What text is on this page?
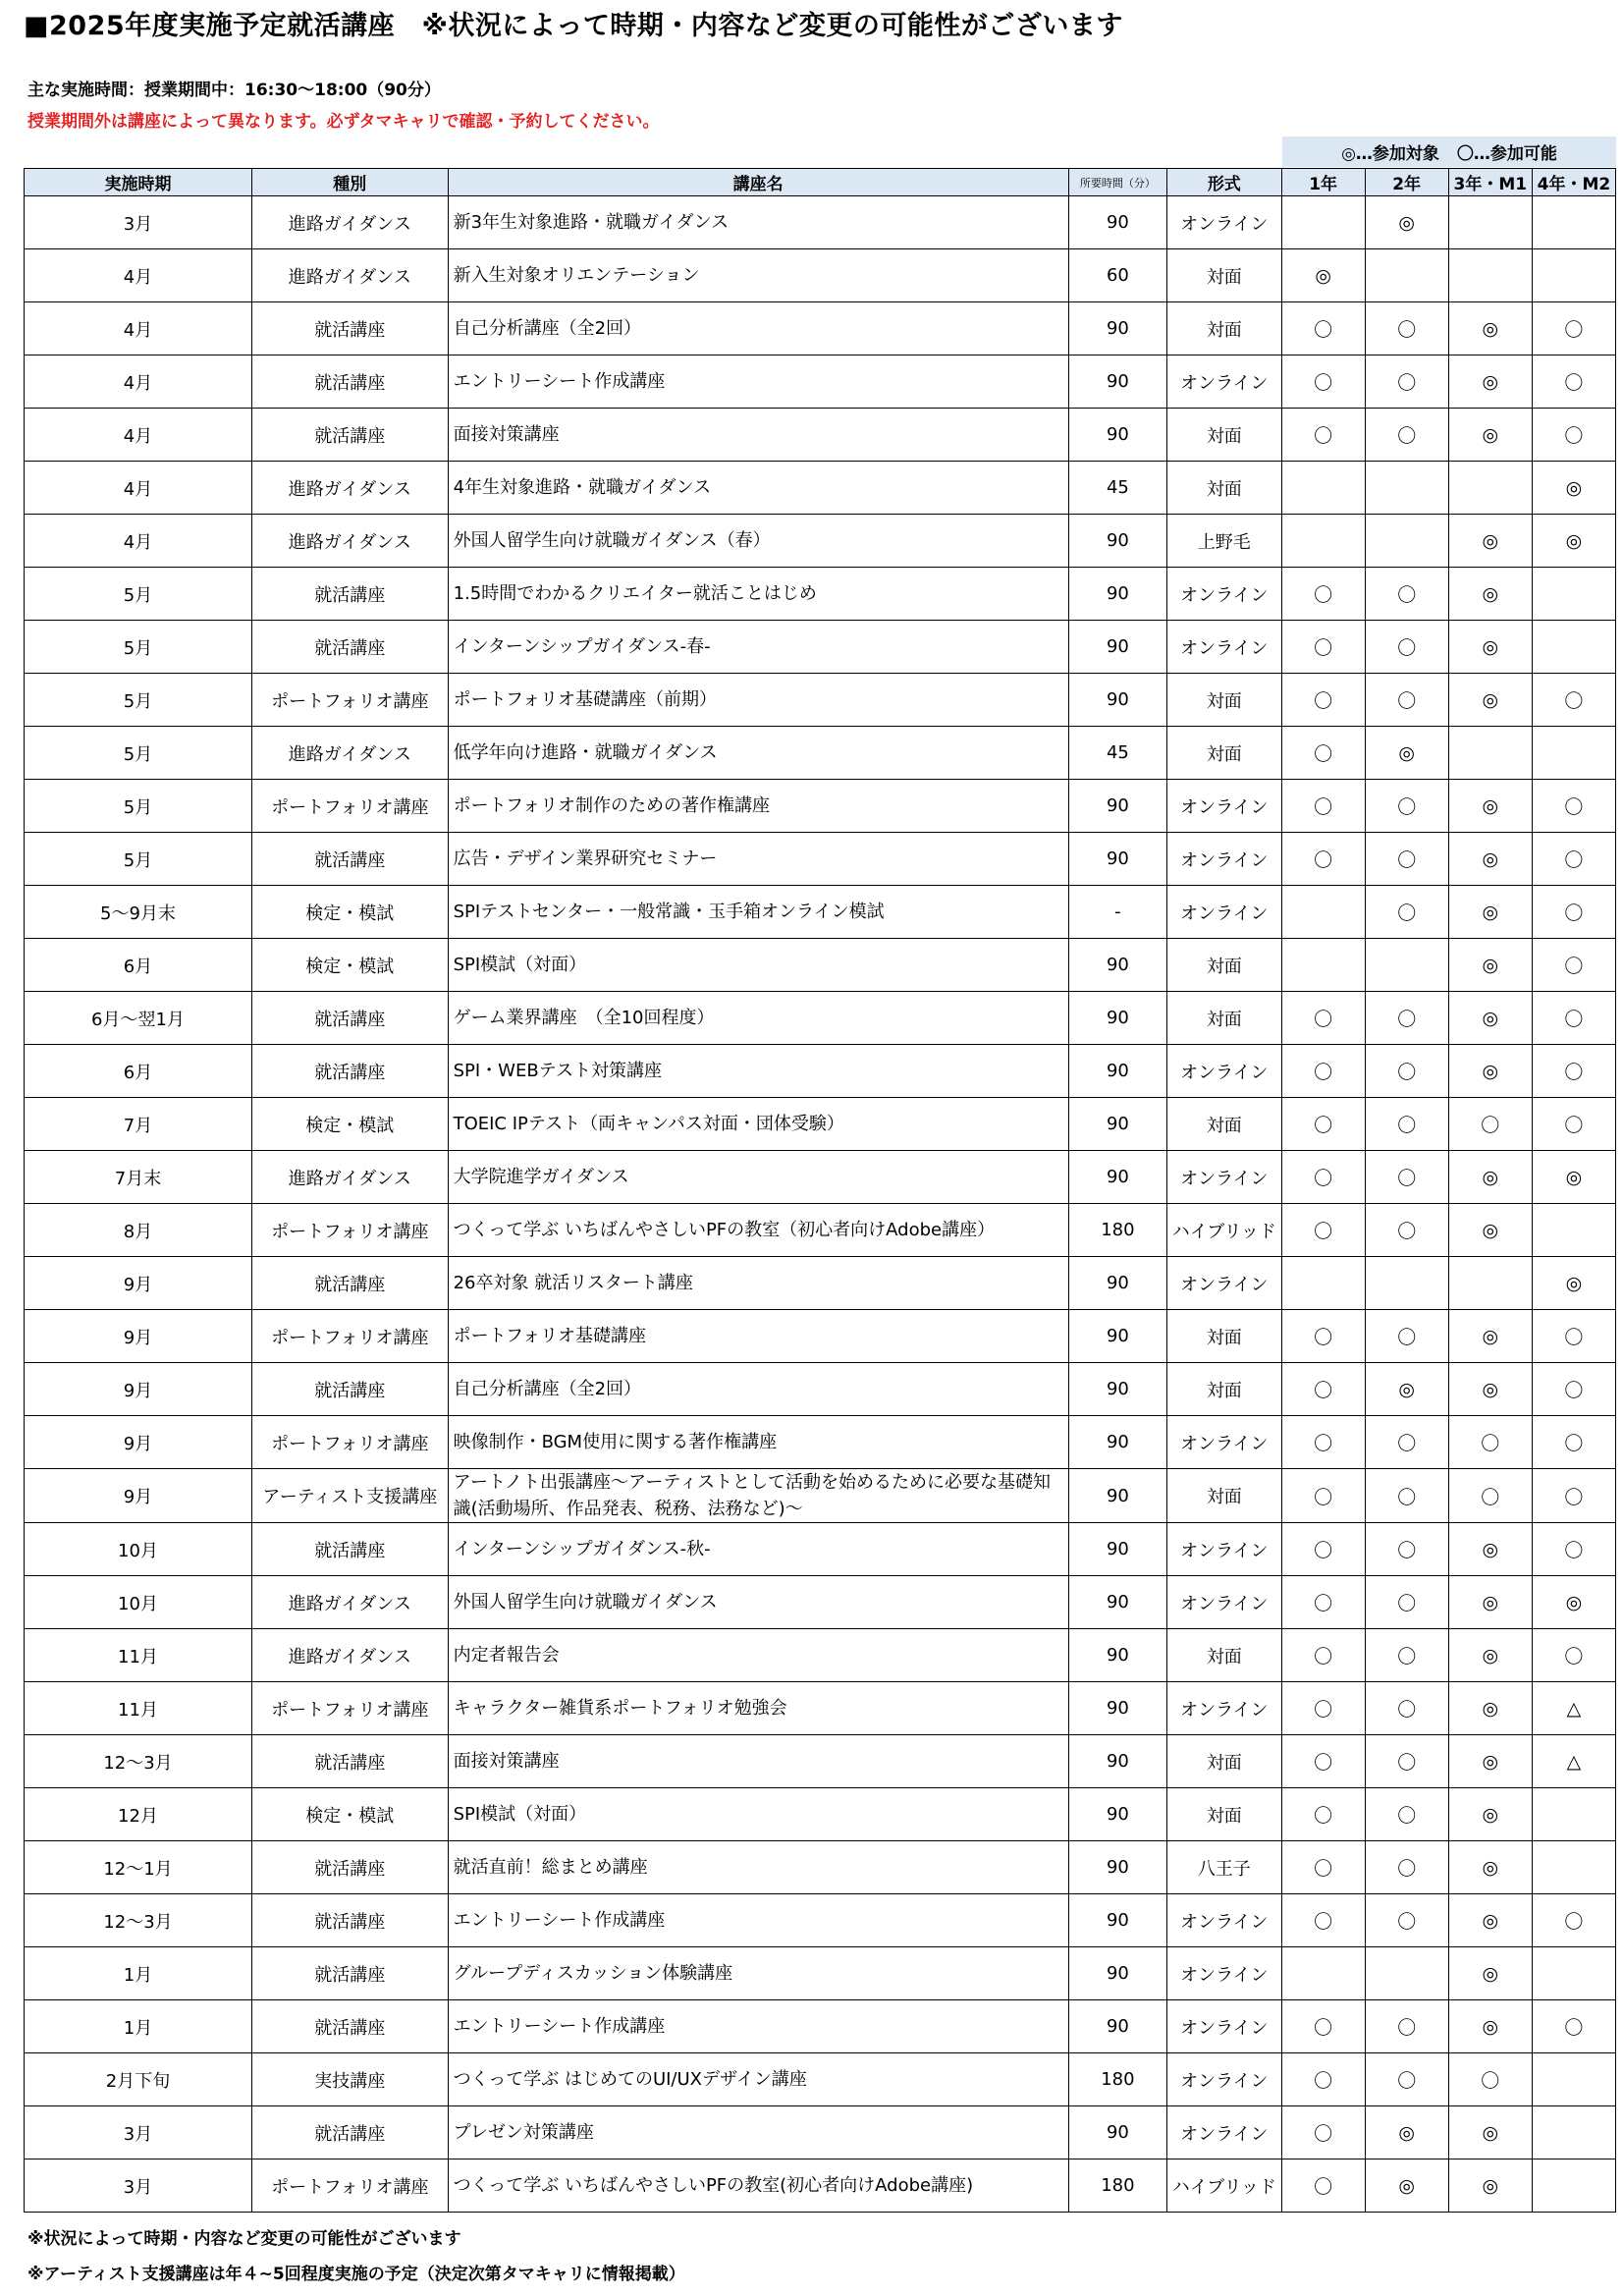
■2025年度実施予定就活講座　※状況によって時期・内容など変更の可能性がございます
主な実施時間：授業期間中：16:30～18:00（90分）
授業期間外は講座によって異なります。必ずタマキャリで確認・予約してください。
◎…参加対象 〇…参加可能
実施時期	種別	講座名	所要時間（分）	形式	1年	2年	3年・M1	4年・M2
3月	進路ガイダンス	新3年生対象進路・就職ガイダンス	90	オンライン		◎		
4月	進路ガイダンス	新入生対象オリエンテーション	60	対面	◎			
4月	就活講座	自己分析講座（全2回）	90	対面	〇	〇	◎	〇
4月	就活講座	エントリーシート作成講座	90	オンライン	〇	〇	◎	〇
4月	就活講座	面接対策講座	90	対面	〇	〇	◎	〇
4月	進路ガイダンス	4年生対象進路・就職ガイダンス	45	対面				◎
4月	進路ガイダンス	外国人留学生向け就職ガイダンス（春）	90	上野毛			◎	◎
5月	就活講座	1.5時間でわかるクリエイター就活ことはじめ	90	オンライン	〇	〇	◎	
5月	就活講座	インターンシップガイダンス-春-	90	オンライン	〇	〇	◎	
5月	ポートフォリオ講座	ポートフォリオ基礎講座（前期）	90	対面	〇	〇	◎	〇
5月	進路ガイダンス	低学年向け進路・就職ガイダンス	45	対面	〇	◎		
5月	ポートフォリオ講座	ポートフォリオ制作のための著作権講座	90	オンライン	〇	〇	◎	〇
5月	就活講座	広告・デザイン業界研究セミナー	90	オンライン	〇	〇	◎	〇
5～9月末	検定・模試	SPIテストセンター・一般常識・玉手箱オンライン模試	-	オンライン		〇	◎	〇
6月	検定・模試	SPI模試（対面）	90	対面			◎	〇
6月～翌1月	就活講座	ゲーム業界講座　（全10回程度）	90	対面	〇	〇	◎	〇
6月	就活講座	SPI・WEBテスト対策講座	90	オンライン	〇	〇	◎	〇
7月	検定・模試	TOEIC IPテスト（両キャンパス対面・団体受験）	90	対面	〇	〇	〇	〇
7月末	進路ガイダンス	大学院進学ガイダンス	90	オンライン	〇	〇	◎	◎
8月	ポートフォリオ講座	つくって学ぶ いちばんやさしいPFの教室（初心者向けAdobe講座）	180	ハイブリッド	〇	〇	◎	
9月	就活講座	26卒対象 就活リスタート講座	90	オンライン				◎
9月	ポートフォリオ講座	ポートフォリオ基礎講座	90	対面	〇	〇	◎	〇
9月	就活講座	自己分析講座（全2回）	90	対面	〇	◎	◎	〇
9月	ポートフォリオ講座	映像制作・BGM使用に関する著作権講座	90	オンライン	〇	〇	〇	〇
9月	アーティスト支援講座	アートノト出張講座～アーティストとして活動を始めるために必要な基礎知識(活動場所、作品発表、税務、法務など)～	90	対面	〇	〇	〇	〇
10月	就活講座	インターンシップガイダンス-秋-	90	オンライン	〇	〇	◎	〇
10月	進路ガイダンス	外国人留学生向け就職ガイダンス	90	オンライン	〇	〇	◎	◎
11月	進路ガイダンス	内定者報告会	90	対面	〇	〇	◎	〇
11月	ポートフォリオ講座	キャラクター雑貨系ポートフォリオ勉強会	90	オンライン	〇	〇	◎	△
12～3月	就活講座	面接対策講座	90	対面	〇	〇	◎	△
12月	検定・模試	SPI模試（対面）	90	対面	〇	〇	◎	
12～1月	就活講座	就活直前！総まとめ講座	90	八王子	〇	〇	◎	
12～3月	就活講座	エントリーシート作成講座	90	オンライン	〇	〇	◎	〇
1月	就活講座	グループディスカッション体験講座	90	オンライン			◎	
1月	就活講座	エントリーシート作成講座	90	オンライン	〇	〇	◎	〇
2月下旬	実技講座	つくって学ぶ はじめてのUI/UXデザイン講座	180	オンライン	〇	〇	〇	
3月	就活講座	プレゼン対策講座	90	オンライン	〇	◎	◎	
3月	ポートフォリオ講座	つくって学ぶ いちばんやさしいPFの教室(初心者向けAdobe講座)	180	ハイブリッド	〇	◎	◎	
※状況によって時期・内容など変更の可能性がございます
※アーティスト支援講座は年４~5回程度実施の予定（決定次第タマキャリに情報掲載）
